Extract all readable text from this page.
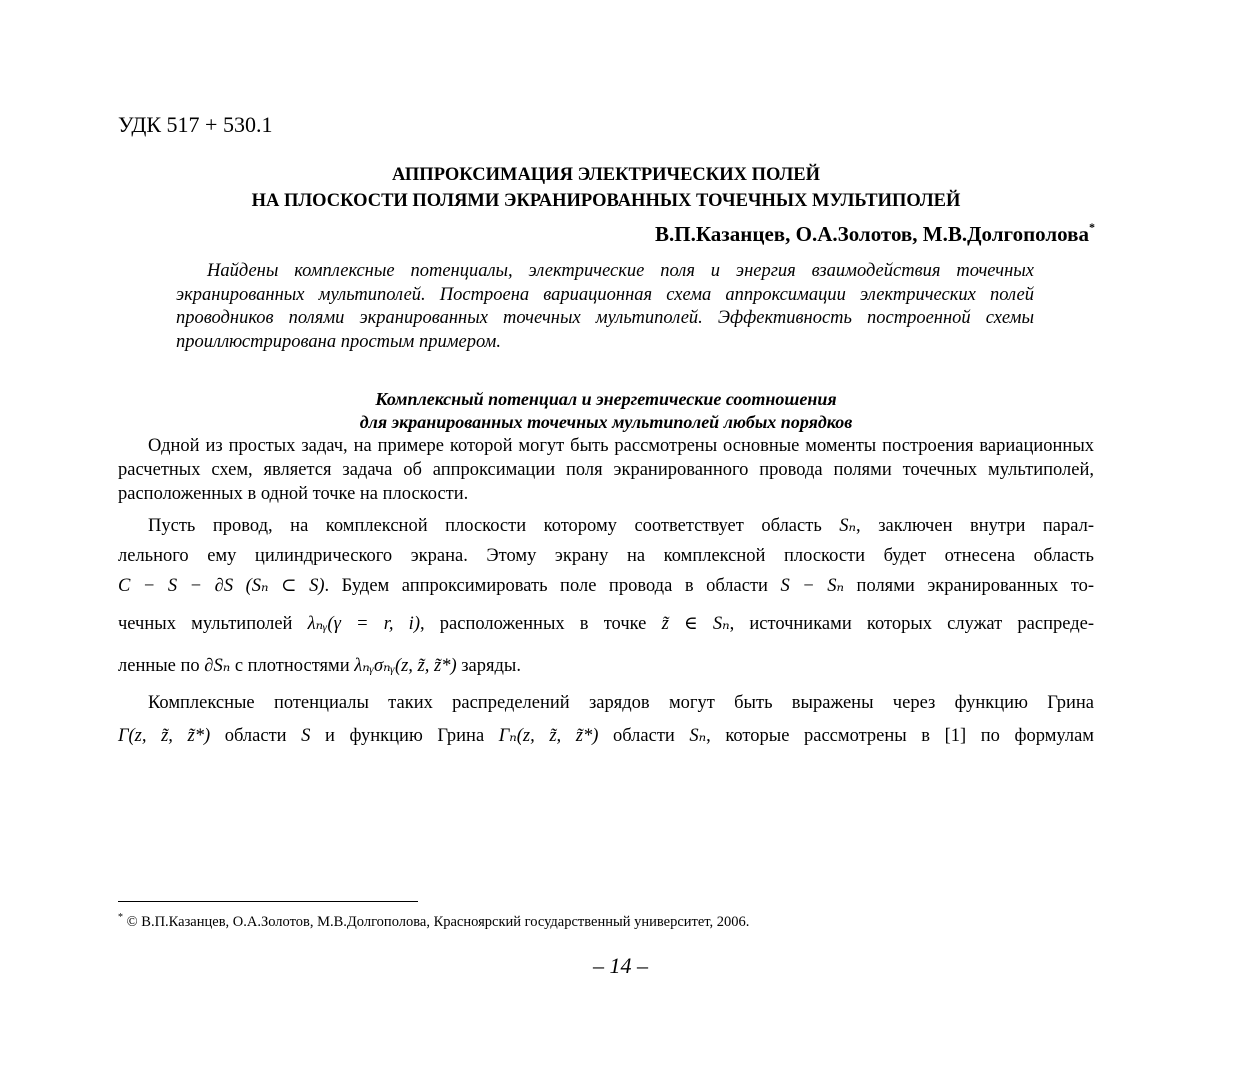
УДК 517 + 530.1
АППРОКСИМАЦИЯ ЭЛЕКТРИЧЕСКИХ ПОЛЕЙ
НА ПЛОСКОСТИ ПОЛЯМИ ЭКРАНИРОВАННЫХ ТОЧЕЧНЫХ МУЛЬТИПОЛЕЙ
В.П.Казанцев, О.А.Золотов, М.В.Долгополова*
Найдены комплексные потенциалы, электрические поля и энергия взаимодействия точечных экранированных мультиполей. Построена вариационная схема аппроксимации электрических полей проводников полями экранированных точечных мультиполей. Эффективность построенной схемы проиллюстрирована простым примером.
Комплексный потенциал и энергетические соотношения
для экранированных точечных мультиполей любых порядков

Одной из простых задач, на примере которой могут быть рассмотрены основные моменты построения вариационных расчетных схем, является задача об аппроксимации поля экранированного провода полями точечных мультиполей, расположенных в одной точке на плоскости.

Пусть провод, на комплексной плоскости которому соответствует область Sₙ, заключен внутри парал-
лельного ему цилиндрического экрана. Этому экрану на комплексной плоскости будет отнесена область
C − S − ∂S (Sₙ ⊂ S). Будем аппроксимировать поле провода в области S − Sₙ полями экранированных то-
чечных мультиполей λₙᵧ(γ = r, i), расположенных в точке z̃ ∈ Sₙ, источниками которых служат распреде-
ленные по ∂Sₙ с плотностями λₙᵧσₙᵧ(z, z̃, z̃*) заряды.
Комплексные потенциалы таких распределений зарядов могут быть выражены через функцию Грина
Γ(z, z̃, z̃*) области S и функцию Грина Γₙ(z, z̃, z̃*) области Sₙ, которые рассмотрены в [1] по формулам
* © В.П.Казанцев, О.А.Золотов, М.В.Долгополова, Красноярский государственный университет, 2006.
– 14 –
